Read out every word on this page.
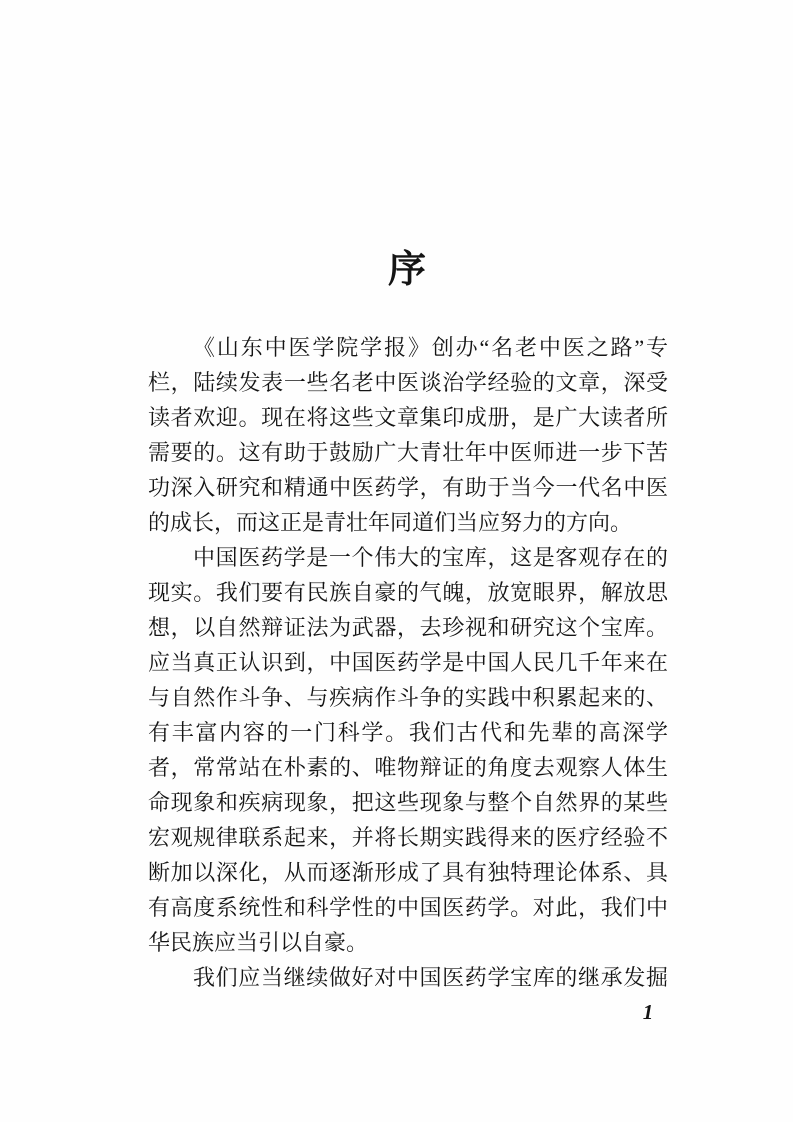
序
《山东中医学院学报》创办“名老中医之路”专
栏，陆续发表一些名老中医谈治学经验的文章，深受
读者欢迎。现在将这些文章集印成册，是广大读者所
需要的。这有助于鼓励广大青壮年中医师进一步下苦
功深入研究和精通中医药学，有助于当今一代名中医
的成长，而这正是青壮年同道们当应努力的方向。
中国医药学是一个伟大的宝库，这是客观存在的
现实。我们要有民族自豪的气魄，放宽眼界，解放思
想，以自然辩证法为武器，去珍视和研究这个宝库。
应当真正认识到，中国医药学是中国人民几千年来在
与自然作斗争、与疾病作斗争的实践中积累起来的、
有丰富内容的一门科学。我们古代和先辈的高深学
者，常常站在朴素的、唯物辩证的角度去观察人体生
命现象和疾病现象，把这些现象与整个自然界的某些
宏观规律联系起来，并将长期实践得来的医疗经验不
断加以深化，从而逐渐形成了具有独特理论体系、具
有高度系统性和科学性的中国医药学。对此，我们中
华民族应当引以自豪。
我们应当继续做好对中国医药学宝库的继承发掘
1
